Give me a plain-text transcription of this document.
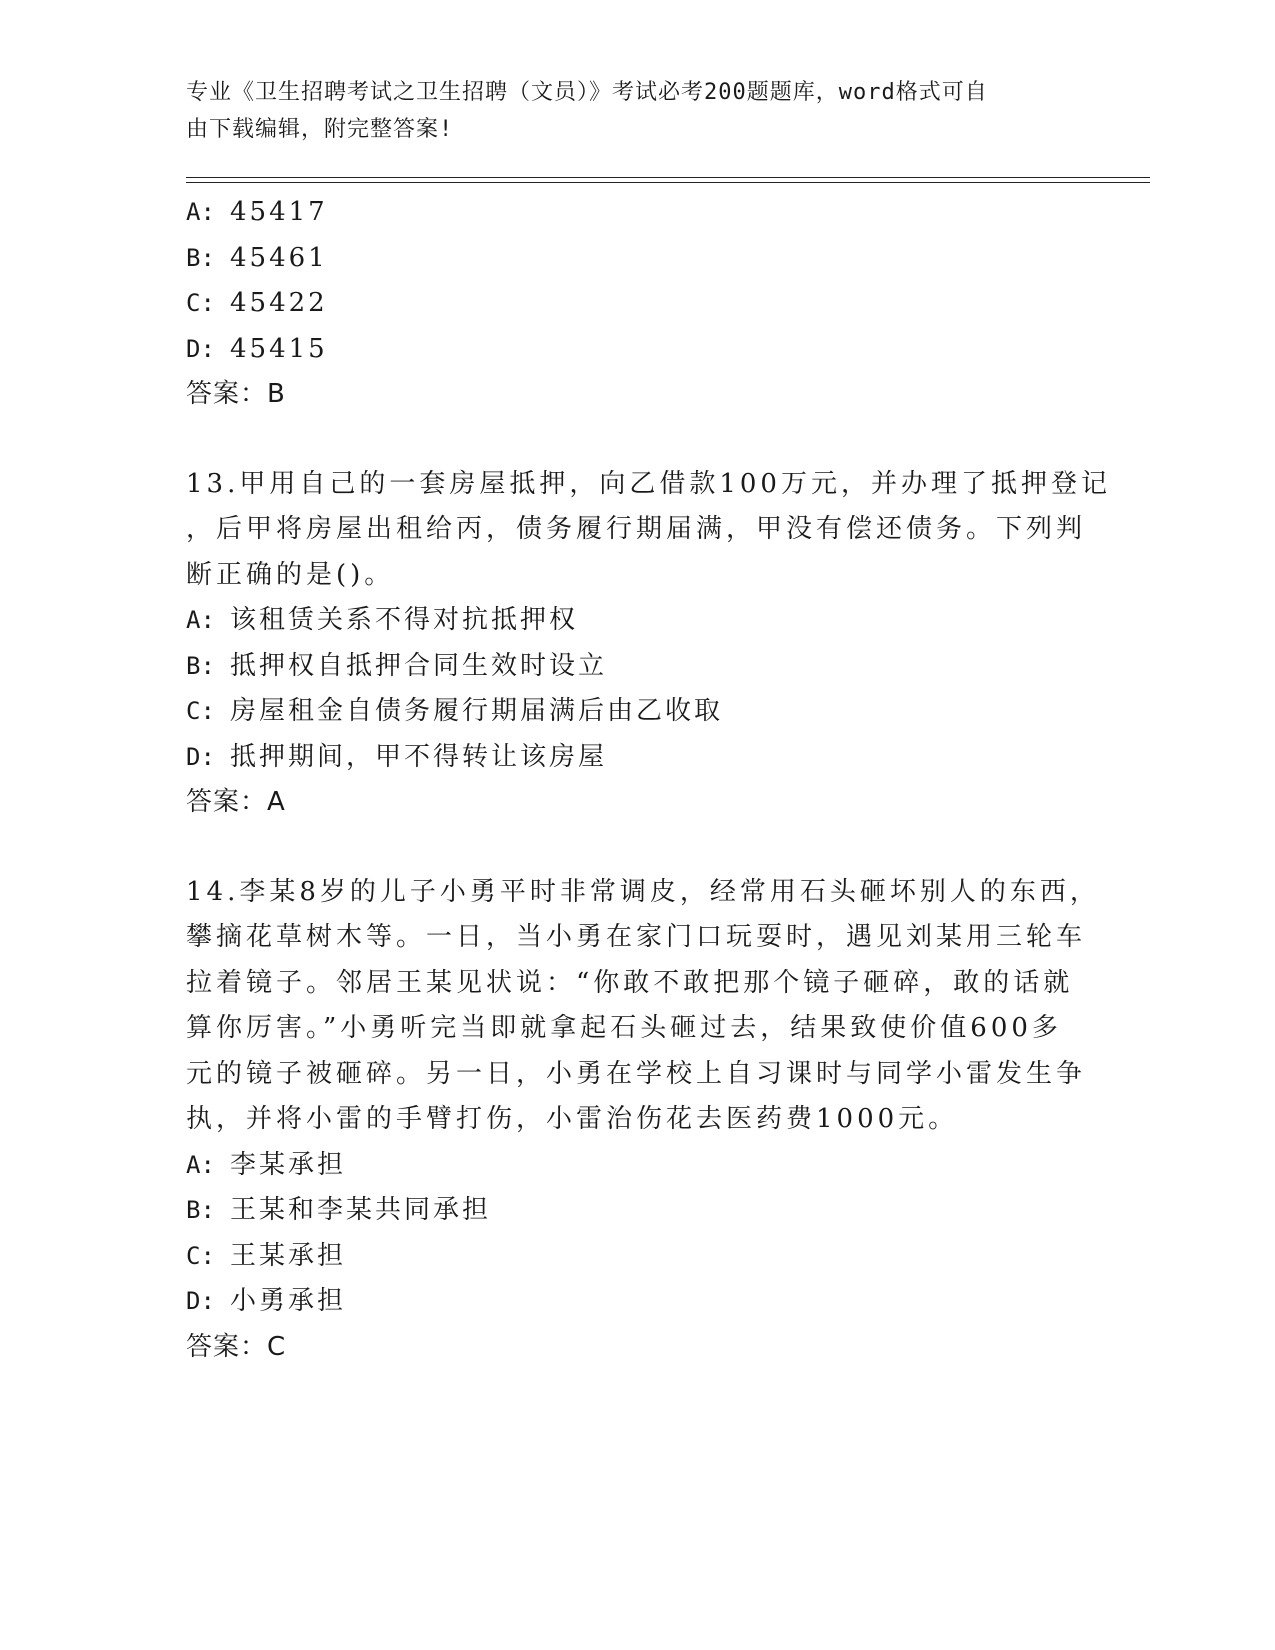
专业《卫生招聘考试之卫生招聘（文员）》考试必考200题题库，word格式可自
由下载编辑，附完整答案!
A: 45417
B: 45461
C: 45422
D: 45415
答案：B
13.甲用自己的一套房屋抵押，向乙借款100万元，并办理了抵押登记
，后甲将房屋出租给丙，债务履行期届满，甲没有偿还债务。下列判
断正确的是()。
A: 该租赁关系不得对抗抵押权
B: 抵押权自抵押合同生效时设立
C: 房屋租金自债务履行期届满后由乙收取
D: 抵押期间，甲不得转让该房屋
答案：A
14.李某8岁的儿子小勇平时非常调皮，经常用石头砸坏别人的东西，
攀摘花草树木等。一日，当小勇在家门口玩耍时，遇见刘某用三轮车
拉着镜子。邻居王某见状说：“你敢不敢把那个镜子砸碎，敢的话就
算你厉害。”小勇听完当即就拿起石头砸过去，结果致使价值600多
元的镜子被砸碎。另一日，小勇在学校上自习课时与同学小雷发生争
执，并将小雷的手臂打伤，小雷治伤花去医药费1000元。
A: 李某承担
B: 王某和李某共同承担
C: 王某承担
D: 小勇承担
答案：C
